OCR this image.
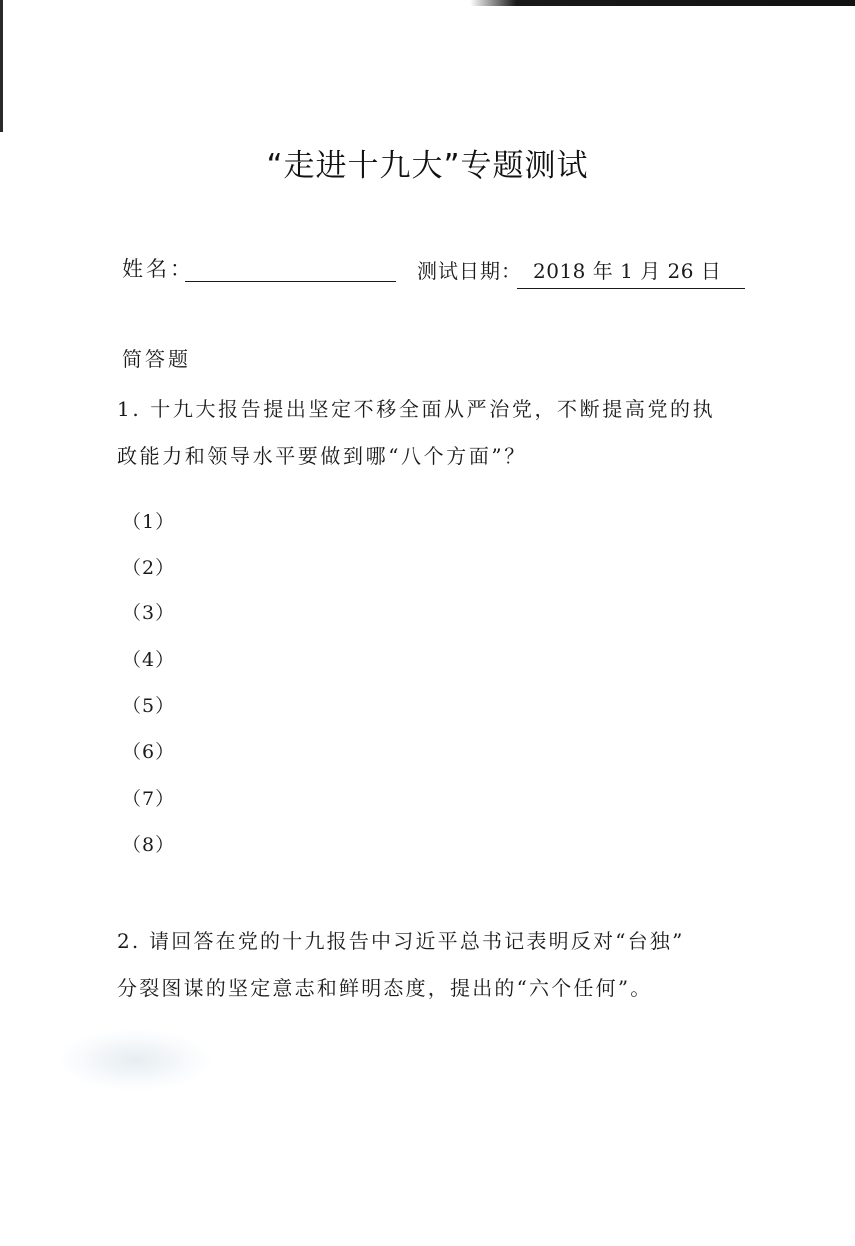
“走进十九大”专题测试
姓名：	测试日期： 2018 年 1 月 26 日
简答题
1. 十九大报告提出坚定不移全面从严治党，不断提高党的执
政能力和领导水平要做到哪“八个方面”？
（1）
（2）
（3）
（4）
（5）
（6）
（7）
（8）
2. 请回答在党的十九报告中习近平总书记表明反对“台独”
分裂图谋的坚定意志和鲜明态度，提出的“六个任何”。
